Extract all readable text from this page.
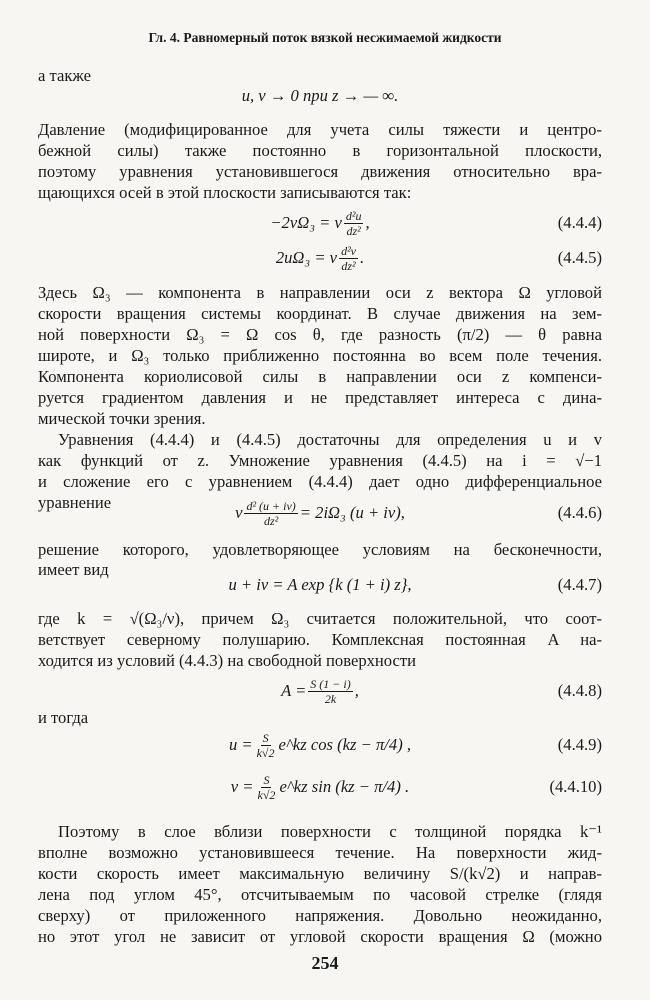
Гл. 4. Равномерный поток вязкой несжимаемой жидкости
а также
u, v → 0 при z → — ∞.
Давление (модифицированное для учета силы тяжести и центро-
бежной силы) также постоянно в горизонтальной плоскости,
поэтому уравнения установившегося движения относительно вра-
щающихся осей в этой плоскости записываются так:
−2vΩ₃ = ν $\frac{\text{d²u}}{\text{dz²}}$ ,	(4.4.4)
2uΩ₃ = ν $\frac{\text{d²v}}{\text{dz²}}$ .	(4.4.5)
Здесь Ω₃ — компонента в направлении оси z вектора Ω угловой
скорости вращения системы координат. В случае движения на зем-
ной поверхности Ω₃ = Ω cos θ, где разность (π/2) — θ равна
широте, и Ω₃ только приближенно постоянна во всем поле течения.
Компонента кориолисовой силы в направлении оси z компенси-
руется градиентом давления и не представляет интереса с дина-
мической точки зрения.
Уравнения (4.4.4) и (4.4.5) достаточны для определения u и v
как функций от z. Умножение уравнения (4.4.5) на i = √−1
и сложение его с уравнением (4.4.4) дает одно дифференциальное
уравнение
ν $\frac{\text{d² (u + iv)}}{\text{dz²}} = 2i\Omega_3$ (u + iv),	(4.4.6)
решение которого, удовлетворяющее условиям на бесконечности,
имеет вид
u + iv = A exp {k (1 + i) z},	(4.4.7)
где k = √(Ω₃/ν), причем Ω₃ считается положительной, что соот-
ветствует северному полушарию. Комплексная постоянная A на-
ходится из условий (4.4.3) на свободной поверхности
$A = \frac{S (1 - i)}{2k}$ ,	(4.4.8)
и тогда
$u = \frac{S}{k√2}$ e^kz cos (kz − π/4) ,	(4.4.9)
$v = \frac{S}{k√2}$ e^kz sin (kz − π/4) .	(4.4.10)
Поэтому в слое вблизи поверхности с толщиной порядка k⁻¹
вполне возможно установившееся течение. На поверхности жид-
кости скорость имеет максимальную величину S/(k√2) и направ-
лена под углом 45°, отсчитываемым по часовой стрелке (глядя
сверху) от приложенного напряжения. Довольно неожиданно,
но этот угол не зависит от угловой скорости вращения Ω (можно
254
